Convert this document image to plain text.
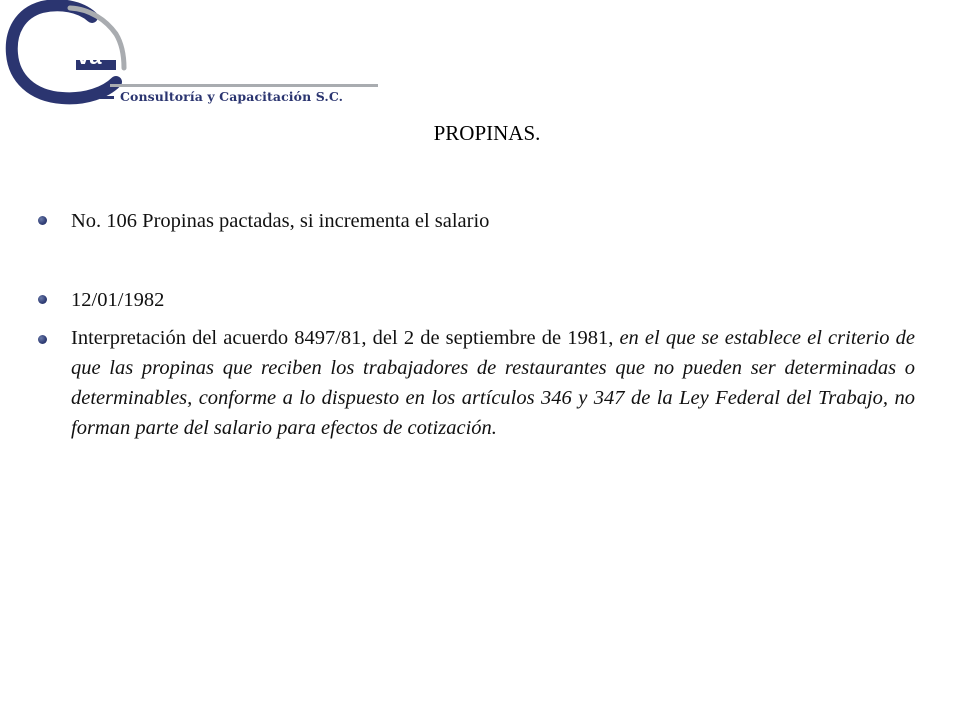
va
Consultoría y Capacitación S.C.
PROPINAS.
No. 106 Propinas pactadas, si incrementa el salario
12/01/1982
Interpretación del acuerdo 8497/81, del 2 de septiembre de 1981, en el que se establece el criterio de que las propinas que reciben los trabajadores de restaurantes que no pueden ser determinadas o determinables, conforme a lo dispuesto en los artículos 346 y 347 de la Ley Federal del Trabajo, no forman parte del salario para efectos de cotización.
